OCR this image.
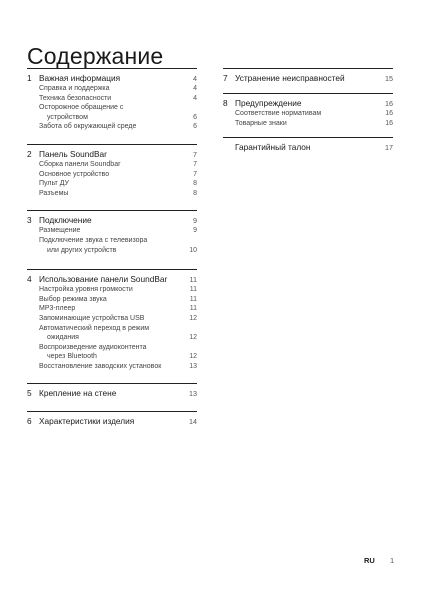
Содержание
1 Важная информация	4
Справка и поддержка	4
Техника безопасности	4
Осторожное обращение с
устройством	6
Забота об окружающей среде	6
2 Панель SoundBar	7
Сборка панели Soundbar	7
Основное устройство	7
Пульт ДУ	8
Разъемы	8
3 Подключение	9
Размещение	9
Подключение звука с телевизора
или других устройств	10
4 Использование панели SoundBar	11
Настройка уровня громкости	11
Выбор режима звука	11
MP3-плеер	11
Запоминающие устройства USB	12
Автоматический переход в режим
ожидания	12
Воспроизведение аудиоконтента
через Bluetooth	12
Восстановление заводских установок	13
5 Крепление на стене	13
6 Характеристики изделия	14
7 Устранение неисправностей	15
8 Предупреждение	16
Соответствие нормативам	16
Товарные знаки	16
Гарантийный талон	17
RU 1
